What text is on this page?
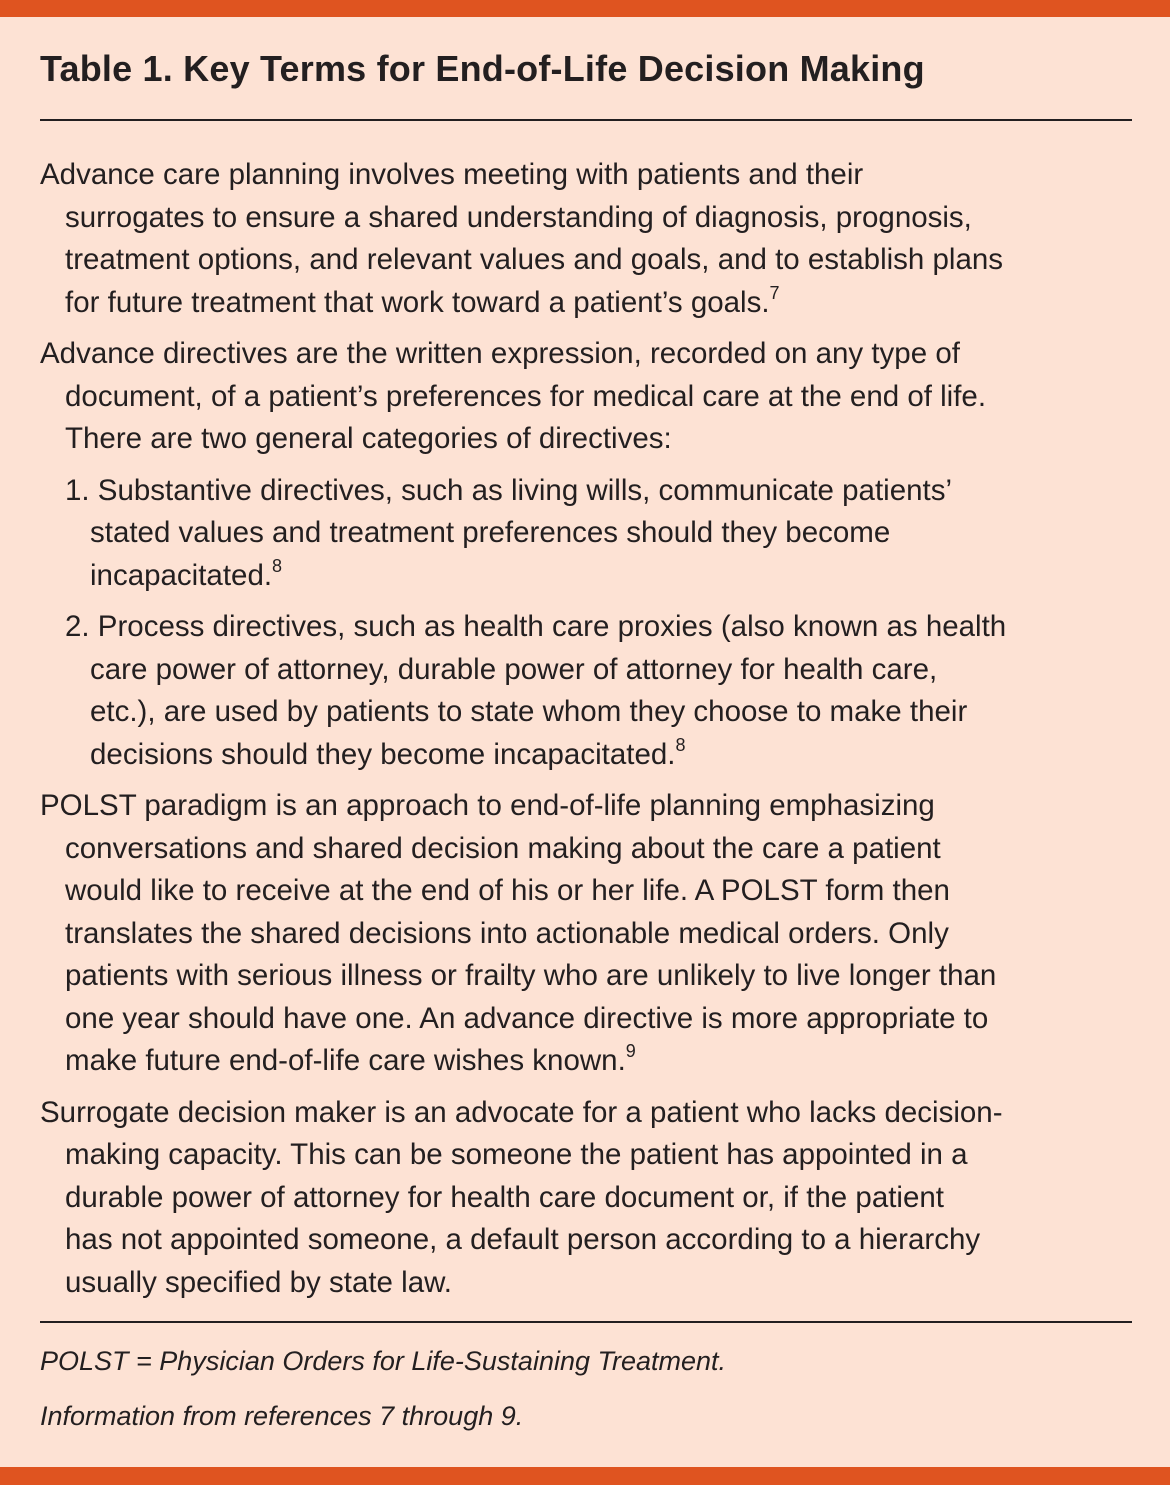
Table 1. Key Terms for End-of-Life Decision Making
Advance care planning involves meeting with patients and their
surrogates to ensure a shared understanding of diagnosis, prognosis,
treatment options, and relevant values and goals, and to establish plans
for future treatment that work toward a patient’s goals.$^7$
Advance directives are the written expression, recorded on any type of
document, of a patient’s preferences for medical care at the end of life.
There are two general categories of directives:
1. Substantive directives, such as living wills, communicate patients’
stated values and treatment preferences should they become
incapacitated.$^8$
2. Process directives, such as health care proxies (also known as health
care power of attorney, durable power of attorney for health care,
etc.), are used by patients to state whom they choose to make their
decisions should they become incapacitated.$^8$
POLST paradigm is an approach to end-of-life planning emphasizing
conversations and shared decision making about the care a patient
would like to receive at the end of his or her life. A POLST form then
translates the shared decisions into actionable medical orders. Only
patients with serious illness or frailty who are unlikely to live longer than
one year should have one. An advance directive is more appropriate to
make future end-of-life care wishes known.$^9$
Surrogate decision maker is an advocate for a patient who lacks decision-
making capacity. This can be someone the patient has appointed in a
durable power of attorney for health care document or, if the patient
has not appointed someone, a default person according to a hierarchy
usually specified by state law.
POLST = Physician Orders for Life-Sustaining Treatment.
Information from references 7 through 9.
